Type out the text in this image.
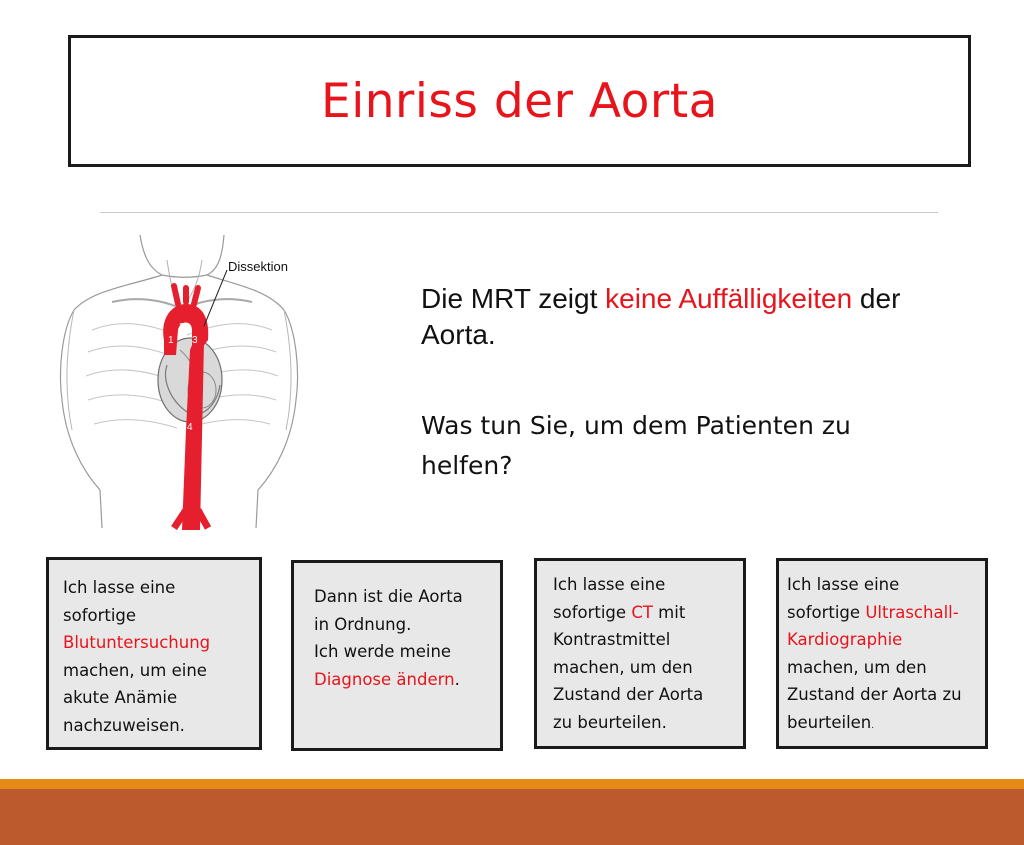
Einriss der Aorta
Dissektion
1
2
3
4
Die MRT zeigt keine Auffälligkeiten der Aorta.
Was tun Sie, um dem Patienten zu helfen?
Ich lasse eine
sofortige
Blutuntersuchung
machen, um eine
akute Anämie
nachzuweisen.
Dann ist die Aorta
in Ordnung.
Ich werde meine
Diagnose ändern.
Ich lasse eine
sofortige CT mit
Kontrastmittel
machen, um den
Zustand der Aorta
zu beurteilen.
Ich lasse eine
sofortige Ultraschall-
Kardiographie
machen, um den
Zustand der Aorta zu
beurteilen.
